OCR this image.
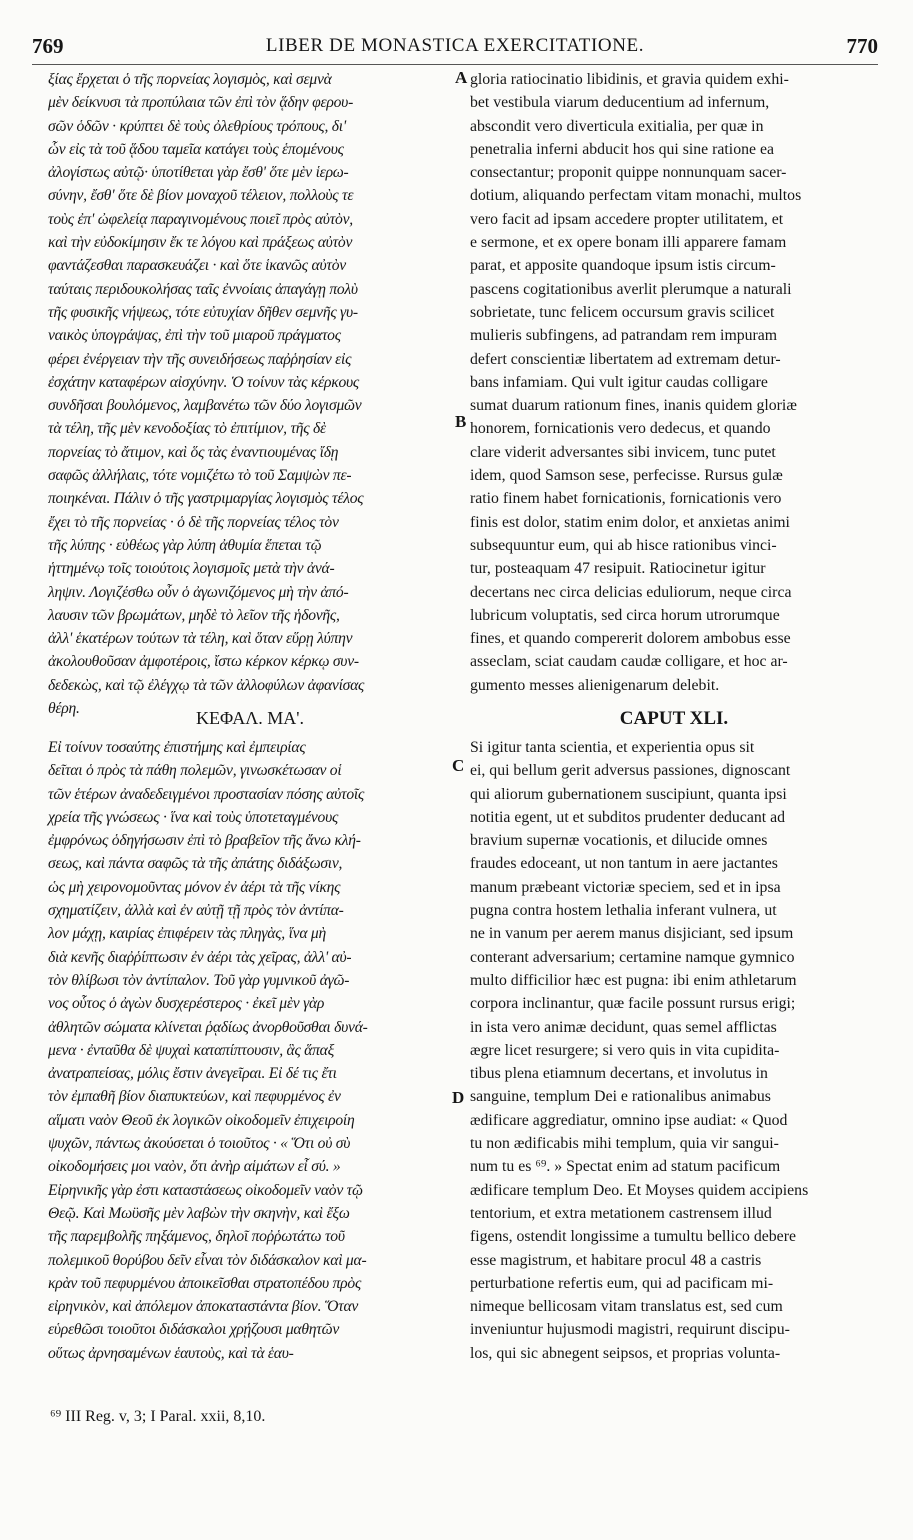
769	LIBER DE MONASTICA EXERCITATIONE.	770
ξίας ἔρχεται ὁ τῆς πορνείας λογισμὸς, καὶ σεμνὰ
μὲν δείκνυσι τὰ προπύλαια τῶν ἐπὶ τὸν ᾅδην φερου-
σῶν ὁδῶν · κρύπτει δὲ τοὺς ὀλεθρίους τρόπους, δι'
ὧν εἰς τὰ τοῦ ᾅδου ταμεῖα κατάγει τοὺς ἑπομένους
ἀλογίστως αὐτῷ· ὑποτίθεται γὰρ ἔσθ' ὅτε μὲν ἱερω-
σύνην, ἔσθ' ὅτε δὲ βίον μοναχοῦ τέλειον, πολλοὺς τε
τοὺς ἐπ' ὠφελείᾳ παραγινομένους ποιεῖ πρὸς αὐτὸν,
καὶ τὴν εὐδοκίμησιν ἔκ τε λόγου καὶ πράξεως αὐτὸν
φαντάζεσθαι παρασκευάζει · καὶ ὅτε ἱκανῶς αὐτὸν
ταύταις περιδουκολήσας ταῖς ἐννοίαις ἀπαγάγῃ πολὺ
τῆς φυσικῆς νήψεως, τότε εὐτυχίαν δῆθεν σεμνῆς γυ-
ναικὸς ὑπογράψας, ἐπὶ τὴν τοῦ μιαροῦ πράγματος
φέρει ἐνέργειαν τὴν τῆς συνειδήσεως παῤῥησίαν εἰς
ἐσχάτην καταφέρων αἰσχύνην. Ὁ τοίνυν τὰς κέρκους
συνδῆσαι βουλόμενος, λαμβανέτω τῶν δύο λογισμῶν
τὰ τέλη, τῆς μὲν κενοδοξίας τὸ ἐπιτίμιον, τῆς δὲ
πορνείας τὸ ἄτιμον, καὶ ὅς τὰς ἐναντιουμένας ἴδῃ
σαφῶς ἀλλήλαις, τότε νομιζέτω τὸ τοῦ Σαμψὼν πε-
ποιηκέναι. Πάλιν ὁ τῆς γαστριμαργίας λογισμὸς τέλος
ἔχει τὸ τῆς πορνείας · ὁ δὲ τῆς πορνείας τέλος τὸν
τῆς λύπης · εὐθέως γὰρ λύπη ἀθυμία ἕπεται τῷ
ἡττημένῳ τοῖς τοιούτοις λογισμοῖς μετὰ τὴν ἀνά-
ληψιν. Λογιζέσθω οὖν ὁ ἀγωνιζόμενος μὴ τὴν ἀπό-
λαυσιν τῶν βρωμάτων, μηδὲ τὸ λεῖον τῆς ἡδονῆς,
ἀλλ' ἑκατέρων τούτων τὰ τέλη, καὶ ὅταν εὕρῃ λύπην
ἀκολουθοῦσαν ἀμφοτέροις, ἴστω κέρκον κέρκῳ συν-
δεδεκὼς, καὶ τῷ ἐλέγχῳ τὰ τῶν ἀλλοφύλων ἀφανίσας
θέρη.
gloria ratiocinatio libidinis, et gravia quidem exhi-
bet vestibula viarum deducentium ad infernum,
abscondit vero diverticula exitialia, per quæ in
penetralia inferni abducit hos qui sine ratione ea
consectantur; proponit quippe nonnunquam sacer-
dotium, aliquando perfectam vitam monachi, multos
vero facit ad ipsam accedere propter utilitatem, et
e sermone, et ex opere bonam illi apparere famam
parat, et apposite quandoque ipsum istis circum-
pascens cogitationibus averlit plerumque a naturali
sobrietate, tunc felicem occursum gravis scilicet
mulieris subfingens, ad patrandam rem impuram
defert conscientiæ libertatem ad extremam detur-
bans infamiam. Qui vult igitur caudas colligare
sumat duarum rationum fines, inanis quidem gloriæ
honorem, fornicationis vero dedecus, et quando
clare viderit adversantes sibi invicem, tunc putet
idem, quod Samson sese, perfecisse. Rursus gulæ
ratio finem habet fornicationis, fornicationis vero
finis est dolor, statim enim dolor, et anxietas animi
subsequuntur eum, qui ab hisce rationibus vinci-
tur, posteaquam 47 resipuit. Ratiocinetur igitur
decertans nec circa delicias eduliorum, neque circa
lubricum voluptatis, sed circa horum utrorumque
fines, et quando compererit dolorem ambobus esse
asseclam, sciat caudam caudæ colligare, et hoc ar-
gumento messes alienigenarum delebit.
A
B
C
D
ΚΕΦΑΛ. ΜΑ'.	CAPUT XLI.
Εἰ τοίνυν τοσαύτης ἐπιστήμης καὶ ἐμπειρίας
δεῖται ὁ πρὸς τὰ πάθη πολεμῶν, γινωσκέτωσαν οἱ
τῶν ἑτέρων ἀναδεδειγμένοι προστασίαν πόσης αὐτοῖς
χρεία τῆς γνώσεως · ἵνα καὶ τοὺς ὑποτεταγμένους
ἐμφρόνως ὁδηγήσωσιν ἐπὶ τὸ βραβεῖον τῆς ἄνω κλή-
σεως, καὶ πάντα σαφῶς τὰ τῆς ἀπάτης διδάξωσιν,
ὡς μὴ χειρονομοῦντας μόνον ἐν ἀέρι τὰ τῆς νίκης
σχηματίζειν, ἀλλὰ καὶ ἐν αὐτῇ τῇ πρὸς τὸν ἀντίπα-
λον μάχῃ, καιρίας ἐπιφέρειν τὰς πληγὰς, ἵνα μὴ
διὰ κενῆς διαῤῥίπτωσιν ἐν ἀέρι τὰς χεῖρας, ἀλλ' αὐ-
τὸν θλίβωσι τὸν ἀντίπαλον. Τοῦ γὰρ γυμνικοῦ ἀγῶ-
νος οὗτος ὁ ἀγὼν δυσχερέστερος · ἐκεῖ μὲν γὰρ
ἀθλητῶν σώματα κλίνεται ῥᾳδίως ἀνορθοῦσθαι δυνά-
μενα · ἐνταῦθα δὲ ψυχαὶ καταπίπτουσιν, ἃς ἅπαξ
ἀνατραπείσας, μόλις ἔστιν ἀνεγεῖραι. Εἰ δέ τις ἔτι
τὸν ἐμπαθῆ βίον διαπυκτεύων, καὶ πεφυρμένος ἐν
αἵματι ναὸν Θεοῦ ἐκ λογικῶν οἰκοδομεῖν ἐπιχειροίη
ψυχῶν, πάντως ἀκούσεται ὁ τοιοῦτος · « Ὅτι οὐ σὺ
οἰκοδομήσεις μοι ναὸν, ὅτι ἀνὴρ αἱμάτων εἶ σύ. »
Εἰρηνικῆς γὰρ ἐστι καταστάσεως οἰκοδομεῖν ναὸν τῷ
Θεῷ. Καὶ Μωϋσῆς μὲν λαβὼν τὴν σκηνὴν, καὶ ἔξω
τῆς παρεμβολῆς πηξάμενος, δηλοῖ ποῤῥωτάτω τοῦ
πολεμικοῦ θορύβου δεῖν εἶναι τὸν διδάσκαλον καὶ μα-
κρὰν τοῦ πεφυρμένου ἀποικεῖσθαι στρατοπέδου πρὸς
εἰρηνικὸν, καὶ ἀπόλεμον ἀποκαταστάντα βίον. Ὅταν
εὑρεθῶσι τοιοῦτοι διδάσκαλοι χρῄζουσι μαθητῶν
οὕτως ἀρνησαμένων ἑαυτοὺς, καὶ τὰ ἑαυ-
Si igitur tanta scientia, et experientia opus sit
ei, qui bellum gerit adversus passiones, dignoscant
qui aliorum gubernationem suscipiunt, quanta ipsi
notitia egent, ut et subditos prudenter deducant ad
bravium supernæ vocationis, et dilucide omnes
fraudes edoceant, ut non tantum in aere jactantes
manum præbeant victoriæ speciem, sed et in ipsa
pugna contra hostem lethalia inferant vulnera, ut
ne in vanum per aerem manus disjiciant, sed ipsum
conterant adversarium; certamine namque gymnico
multo difficilior hæc est pugna: ibi enim athletarum
corpora inclinantur, quæ facile possunt rursus erigi;
in ista vero animæ decidunt, quas semel afflictas
ægre licet resurgere; si vero quis in vita cupidita-
tibus plena etiamnum decertans, et involutus in
sanguine, templum Dei e rationalibus animabus
ædificare aggrediatur, omnino ipse audiat: « Quod
tu non ædificabis mihi templum, quia vir sangui-
num tu es ⁶⁹. » Spectat enim ad statum pacificum
ædificare templum Deo. Et Moyses quidem accipiens
tentorium, et extra metationem castrensem illud
figens, ostendit longissime a tumultu bellico debere
esse magistrum, et habitare procul 48 a castris
perturbatione refertis eum, qui ad pacificam mi-
nimeque bellicosam vitam translatus est, sed cum
inveniuntur hujusmodi magistri, requirunt discipu-
los, qui sic abnegent seipsos, et proprias volunta-
⁶⁹ III Reg. v, 3; I Paral. xxii, 8,10.
